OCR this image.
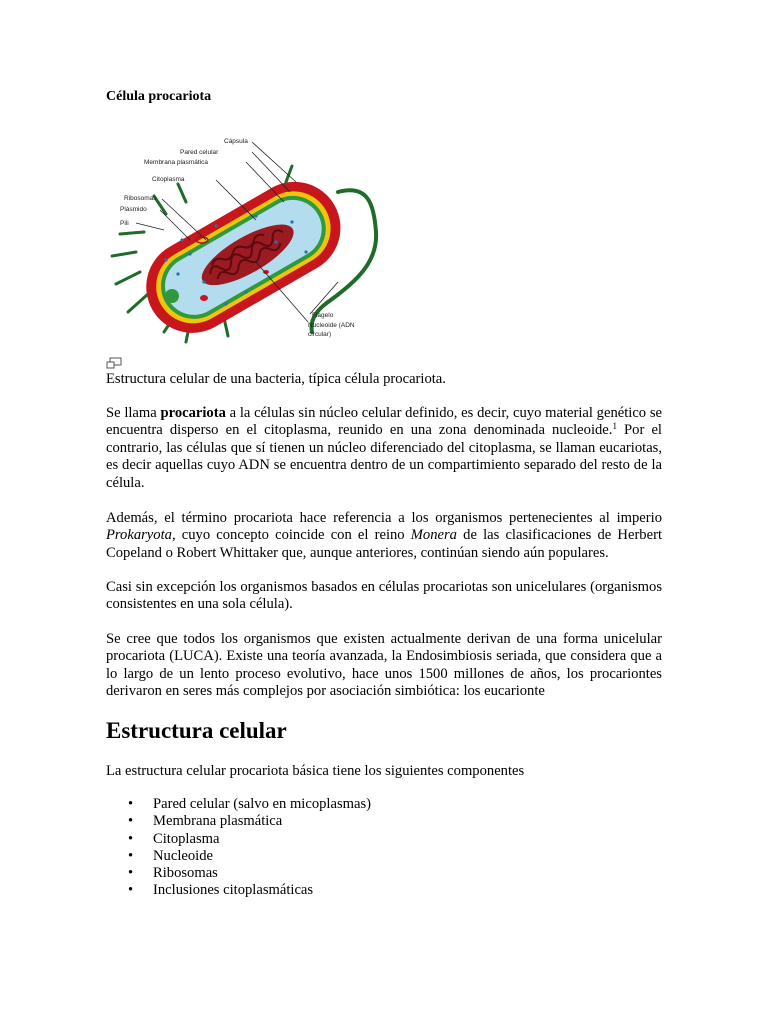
Célula procariota
Cápsula
Pared celular
Membrana plasmática
Citoplasma
Ribosomas
Plásmido
Pili
Flagelo
Nucleoide (ADN
circular)
Estructura celular de una bacteria, típica célula procariota.
Se llama procariota a la células sin núcleo celular definido, es decir, cuyo material genético se encuentra disperso en el citoplasma, reunido en una zona denominada nucleoide.$^1$ Por el contrario, las células que sí tienen un núcleo diferenciado del citoplasma, se llaman eucariotas, es decir aquellas cuyo ADN se encuentra dentro de un compartimiento separado del resto de la célula.
Además, el término procariota hace referencia a los organismos pertenecientes al imperio Prokaryota, cuyo concepto coincide con el reino Monera de las clasificaciones de Herbert Copeland o Robert Whittaker que, aunque anteriores, continúan siendo aún populares.
Casi sin excepción los organismos basados en células procariotas son unicelulares (organismos consistentes en una sola célula).
Se cree que todos los organismos que existen actualmente derivan de una forma unicelular procariota (LUCA). Existe una teoría avanzada, la Endosimbiosis seriada, que considera que a lo largo de un lento proceso evolutivo, hace unos 1500 millones de años, los procariontes derivaron en seres más complejos por asociación simbiótica: los eucarionte
Estructura celular
La estructura celular procariota básica tiene los siguientes componentes
• Pared celular (salvo en micoplasmas)
• Membrana plasmática
• Citoplasma
• Nucleoide
• Ribosomas
• Inclusiones citoplasmáticas
